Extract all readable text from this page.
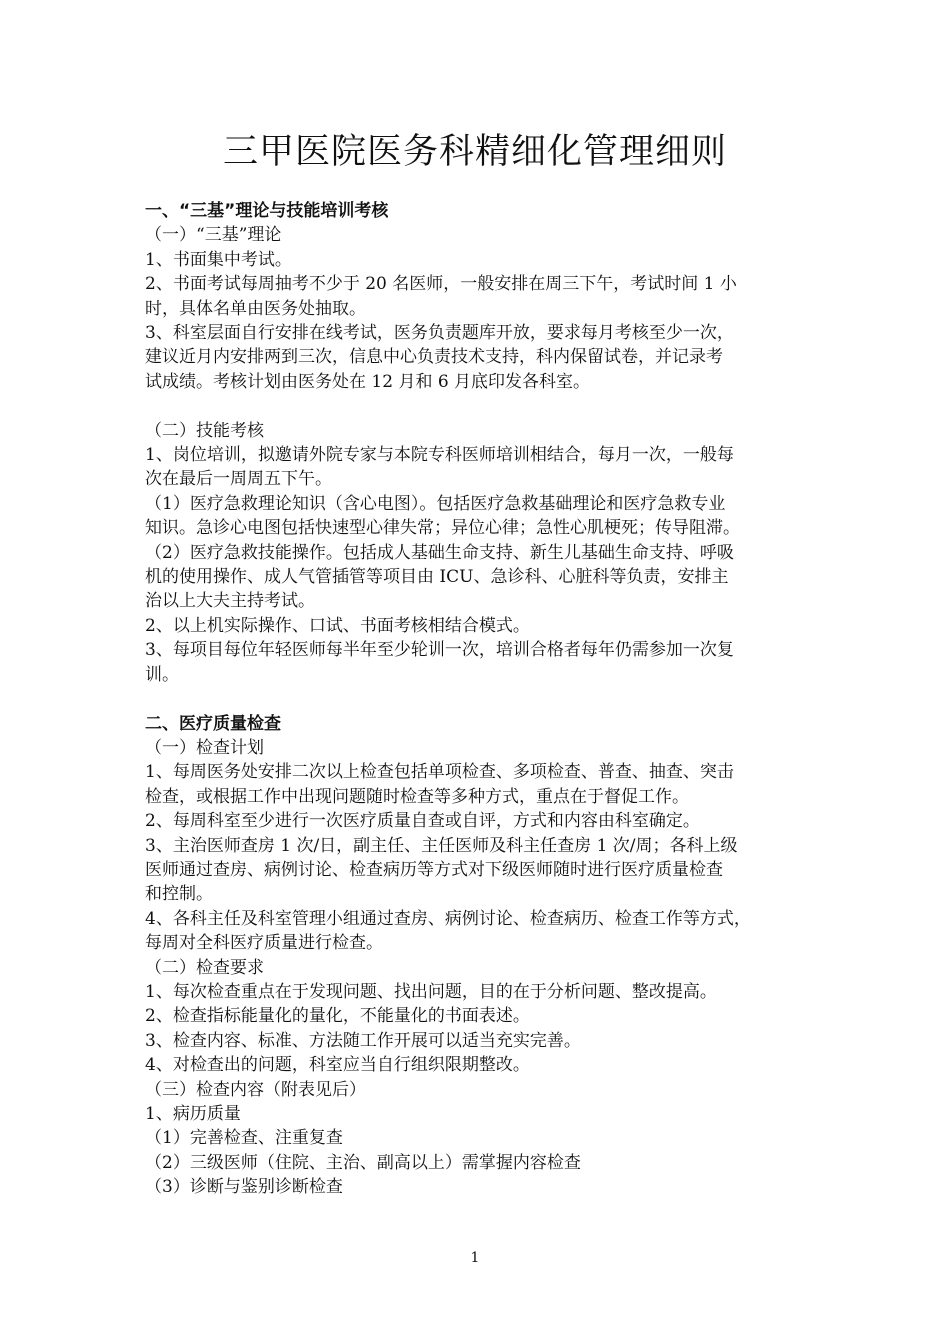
三甲医院医务科精细化管理细则
一、“三基”理论与技能培训考核
（一）“三基”理论
1、书面集中考试。
2、书面考试每周抽考不少于 20 名医师，一般安排在周三下午，考试时间 1 小
时，具体名单由医务处抽取。
3、科室层面自行安排在线考试，医务负责题库开放，要求每月考核至少一次，
建议近月内安排两到三次，信息中心负责技术支持，科内保留试卷，并记录考
试成绩。考核计划由医务处在 12 月和 6 月底印发各科室。
（二）技能考核
1、岗位培训，拟邀请外院专家与本院专科医师培训相结合，每月一次，一般每
次在最后一周周五下午。
（1）医疗急救理论知识（含心电图）。包括医疗急救基础理论和医疗急救专业
知识。急诊心电图包括快速型心律失常；异位心律；急性心肌梗死；传导阻滞。
（2）医疗急救技能操作。包括成人基础生命支持、新生儿基础生命支持、呼吸
机的使用操作、成人气管插管等项目由 ICU、急诊科、心脏科等负责，安排主
治以上大夫主持考试。
2、以上机实际操作、口试、书面考核相结合模式。
3、每项目每位年轻医师每半年至少轮训一次，培训合格者每年仍需参加一次复
训。
二、医疗质量检查
（一）检查计划
1、每周医务处安排二次以上检查包括单项检查、多项检查、普查、抽查、突击
检查，或根据工作中出现问题随时检查等多种方式，重点在于督促工作。
2、每周科室至少进行一次医疗质量自查或自评，方式和内容由科室确定。
3、主治医师查房 1 次/日，副主任、主任医师及科主任查房 1 次/周；各科上级
医师通过查房、病例讨论、检查病历等方式对下级医师随时进行医疗质量检查
和控制。
4、各科主任及科室管理小组通过查房、病例讨论、检查病历、检查工作等方式，
每周对全科医疗质量进行检查。
（二）检查要求
1、每次检查重点在于发现问题、找出问题，目的在于分析问题、整改提高。
2、检查指标能量化的量化，不能量化的书面表述。
3、检查内容、标准、方法随工作开展可以适当充实完善。
4、对检查出的问题，科室应当自行组织限期整改。
（三）检查内容（附表见后）
1、病历质量
（1）完善检查、注重复查
（2）三级医师（住院、主治、副高以上）需掌握内容检查
（3）诊断与鉴别诊断检查
1
